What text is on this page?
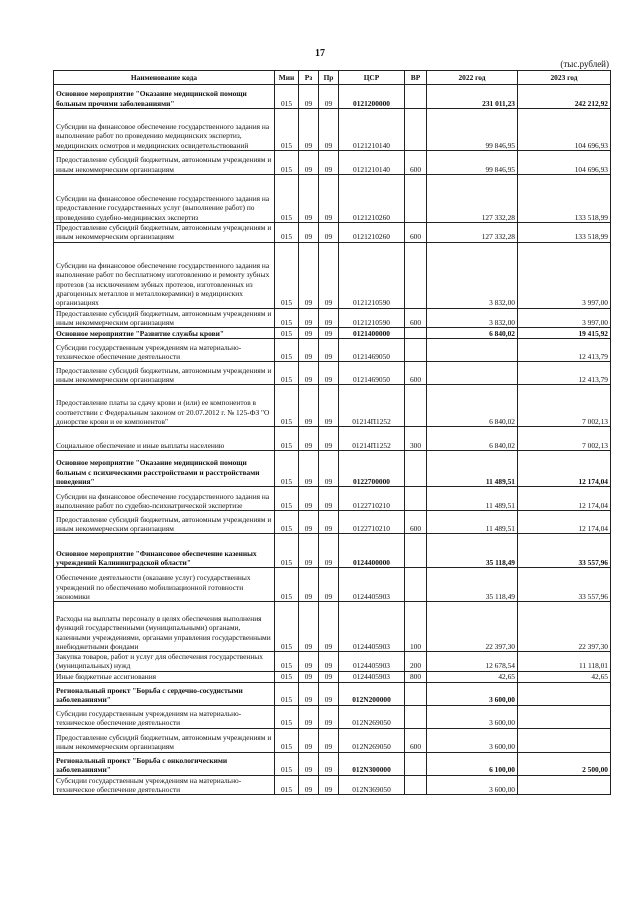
17
(тыс.рублей)
Наименование кода	Мин	Рз	Пр	ЦСР	ВР	2022 год	2023 год
Основное мероприятие "Оказание медицинской помощи больным прочими заболеваниями"	015	09	09	0121200000		231 011,23	242 212,92
Субсидии на финансовое обеспечение государственного задания на выполнение работ по проведению медицинских экспертиз, медицинских осмотров и медицинских освидетельствований	015	09	09	0121210140		99 846,95	104 696,93
Предоставление субсидий бюджетным, автономным учреждениям и иным некоммерческим организациям	015	09	09	0121210140	600	99 846,95	104 696,93
Субсидии на финансовое обеспечение государственного задания на предоставление государственных услуг (выполнение работ) по проведению судебно-медицинских экспертиз	015	09	09	0121210260		127 332,28	133 518,99
Предоставление субсидий бюджетным, автономным учреждениям и иным некоммерческим организациям	015	09	09	0121210260	600	127 332,28	133 518,99
Субсидии на финансовое обеспечение государственного задания на выполнение работ по бесплатному изготовлению и ремонту зубных протезов (за исключением зубных протезов, изготовленных из драгоценных металлов и металлокерамики) в медицинских организациях	015	09	09	0121210590		3 832,00	3 997,00
Предоставление субсидий бюджетным, автономным учреждениям и иным некоммерческим организациям	015	09	09	0121210590	600	3 832,00	3 997,00
Основное мероприятие "Развитие службы крови"	015	09	09	0121400000		6 840,02	19 415,92
Субсидии государственным учреждениям на материально-техническое обеспечение деятельности	015	09	09	0121469050			12 413,79
Предоставление субсидий бюджетным, автономным учреждениям и иным некоммерческим организациям	015	09	09	0121469050	600		12 413,79
Предоставление платы за сдачу крови и (или) ее компонентов в соответствии с Федеральным законом от 20.07.2012 г. № 125-ФЗ "О донорстве крови и ее компонентов"	015	09	09	01214П1252		6 840,02	7 002,13
Социальное обеспечение и иные выплаты населению	015	09	09	01214П1252	300	6 840,02	7 002,13
Основное мероприятие "Оказание медицинской помощи больным с психическими расстройствами и расстройствами поведения"	015	09	09	0122700000		11 489,51	12 174,04
Субсидии на финансовое обеспечение государственного задания на выполнение работ по судебно-психиатрической экспертизе	015	09	09	0122710210		11 489,51	12 174,04
Предоставление субсидий бюджетным, автономным учреждениям и иным некоммерческим организациям	015	09	09	0122710210	600	11 489,51	12 174,04
Основное мероприятие "Финансовое обеспечение казенных учреждений Калининградской области"	015	09	09	0124400000		35 118,49	33 557,96
Обеспечение деятельности (оказание услуг) государственных учреждений по обеспечению мобилизационной готовности экономики	015	09	09	0124405903		35 118,49	33 557,96
Расходы на выплаты персоналу в целях обеспечения выполнения функций государственными (муниципальными) органами, казенными учреждениями, органами управления государственными внебюджетными фондами	015	09	09	0124405903	100	22 397,30	22 397,30
Закупка товаров, работ и услуг для обеспечения государственных (муниципальных) нужд	015	09	09	0124405903	200	12 678,54	11 118,01
Иные бюджетные ассигнования	015	09	09	0124405903	800	42,65	42,65
Региональный проект "Борьба с сердечно-сосудистыми заболеваниями"	015	09	09	012N200000		3 600,00	
Субсидии государственным учреждениям на материально-техническое обеспечение деятельности	015	09	09	012N269050		3 600,00	
Предоставление субсидий бюджетным, автономным учреждениям и иным некоммерческим организациям	015	09	09	012N269050	600	3 600,00	
Региональный проект "Борьба с онкологическими заболеваниями"	015	09	09	012N300000		6 100,00	2 500,00
Субсидии государственным учреждениям на материально-техническое обеспечение деятельности	015	09	09	012N369050		3 600,00	
